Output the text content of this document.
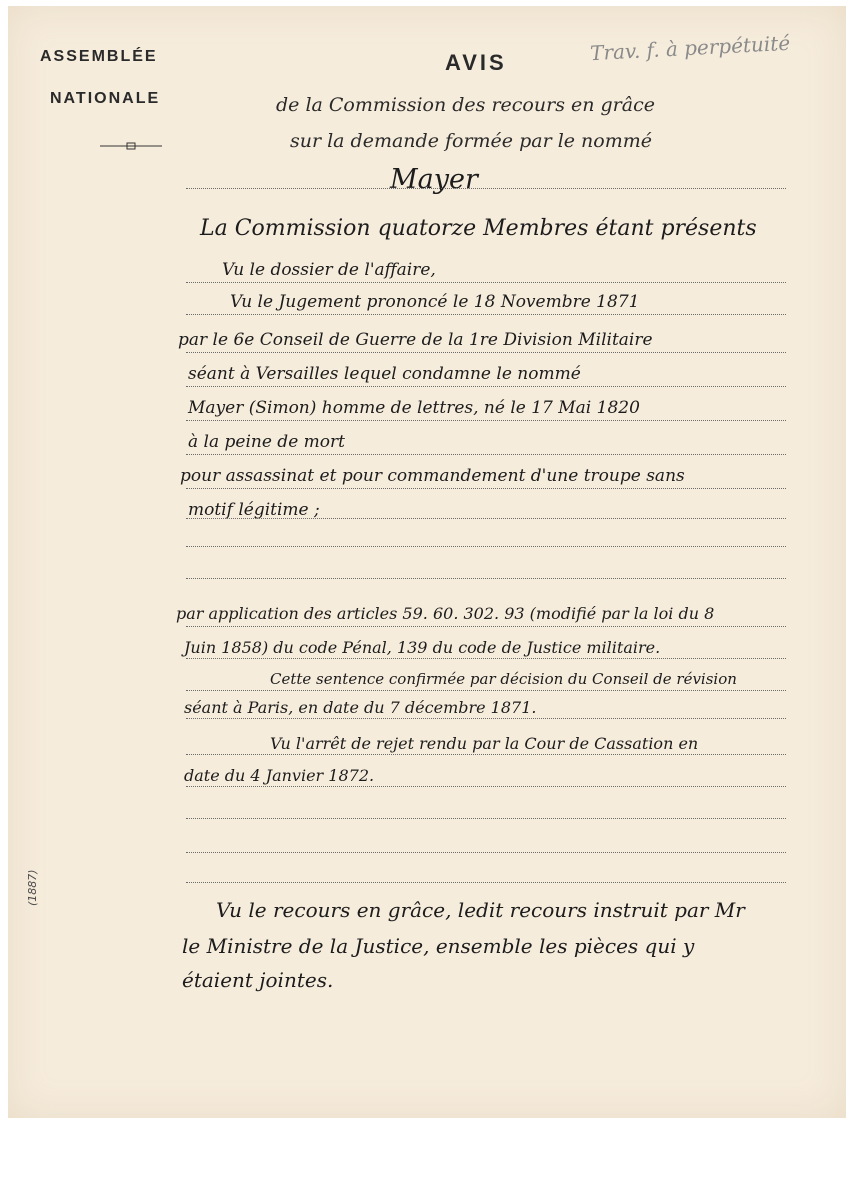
ASSEMBLÉE
NATIONALE
AVIS
de la Commission des recours en grâce
sur la demande formée par le nommé
Trav. f. à perpétuité
Mayer
La Commission quatorze Membres étant présents
Vu le dossier de l'affaire,
Vu le Jugement prononcé le 18 Novembre 1871
par le 6e Conseil de Guerre de la 1re Division Militaire
séant à Versailles lequel condamne le nommé
Mayer (Simon) homme de lettres, né le 17 Mai 1820
à la peine de mort
pour assassinat et pour commandement d'une troupe sans
motif légitime ;
par application des articles 59. 60. 302. 93 (modifié par la loi du 8
Juin 1858) du code Pénal, 139 du code de Justice militaire.
Cette sentence confirmée par décision du Conseil de révision
séant à Paris, en date du 7 décembre 1871.
Vu l'arrêt de rejet rendu par la Cour de Cassation en
date du 4 Janvier 1872.
Vu le recours en grâce, ledit recours instruit par Mr
le Ministre de la Justice, ensemble les pièces qui y
étaient jointes.
(1887)
